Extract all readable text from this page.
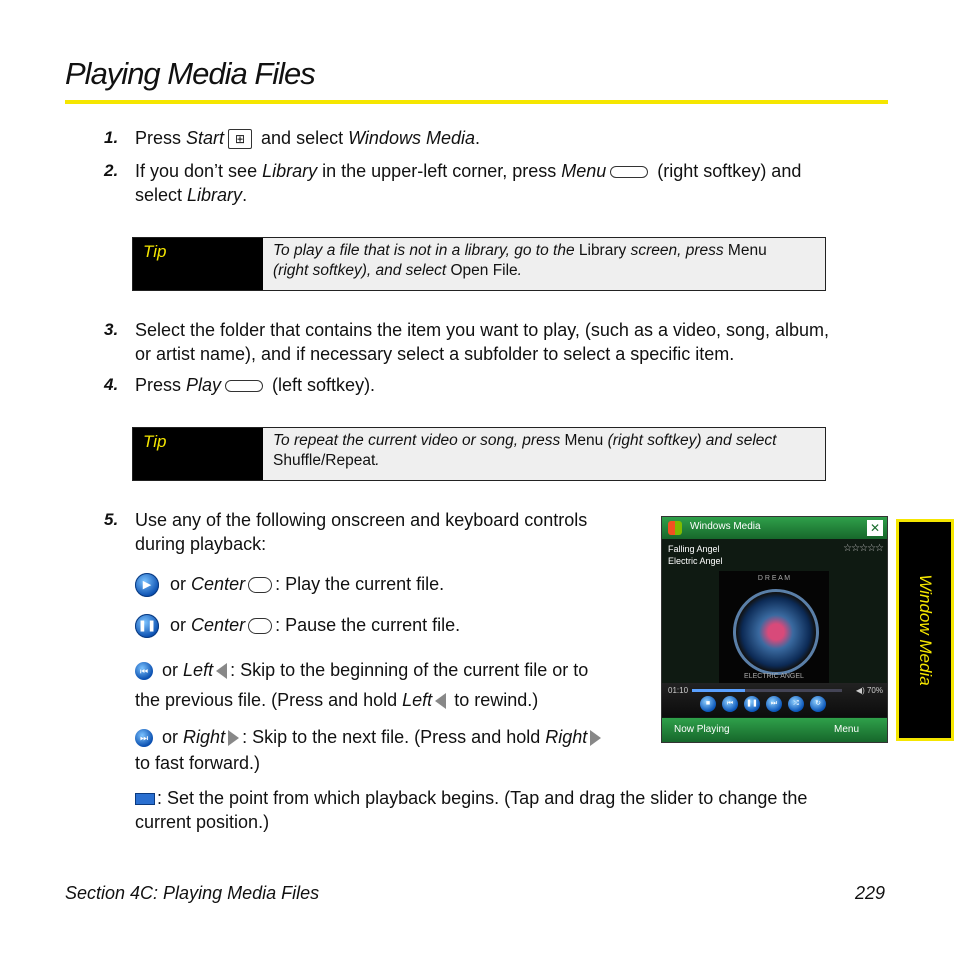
Playing Media Files
1. Press Start ⊞ and select Windows Media.
2. If you don’t see Library in the upper-left corner, press Menu	(right softkey) and
select Library.
Tip	To play a file that is not in a library, go to the Library screen, press Menu
(right softkey), and select Open File.
3. Select the folder that contains the item you want to play, (such as a video, song, album,
or artist name), and if necessary select a subfolder to select a specific item.
4. Press Play	(left softkey).
Tip	To repeat the current video or song, press Menu (right softkey) and select
Shuffle/Repeat.
5. Use any of the following onscreen and keyboard controls
during playback:
▶ or Center : Play the current file.
❚❚ or Center : Pause the current file.
⏮ or Left : Skip to the beginning of the current file or to
the previous file. (Press and hold Left to rewind.)
⏭ or Right : Skip to the next file. (Press and hold Right
to fast forward.)
: Set the point from which playback begins. (Tap and drag the slider to change the
current position.)
Windows Media	✕
Falling Angel
Electric Angel
☆☆☆☆☆
D R E A M
ELECTRIC ANGEL
01:10	◀) 70%
■	⏮	❚❚	⏭	⤮	↻
Now Playing	Menu
Window Media
Section 4C: Playing Media Files	229
